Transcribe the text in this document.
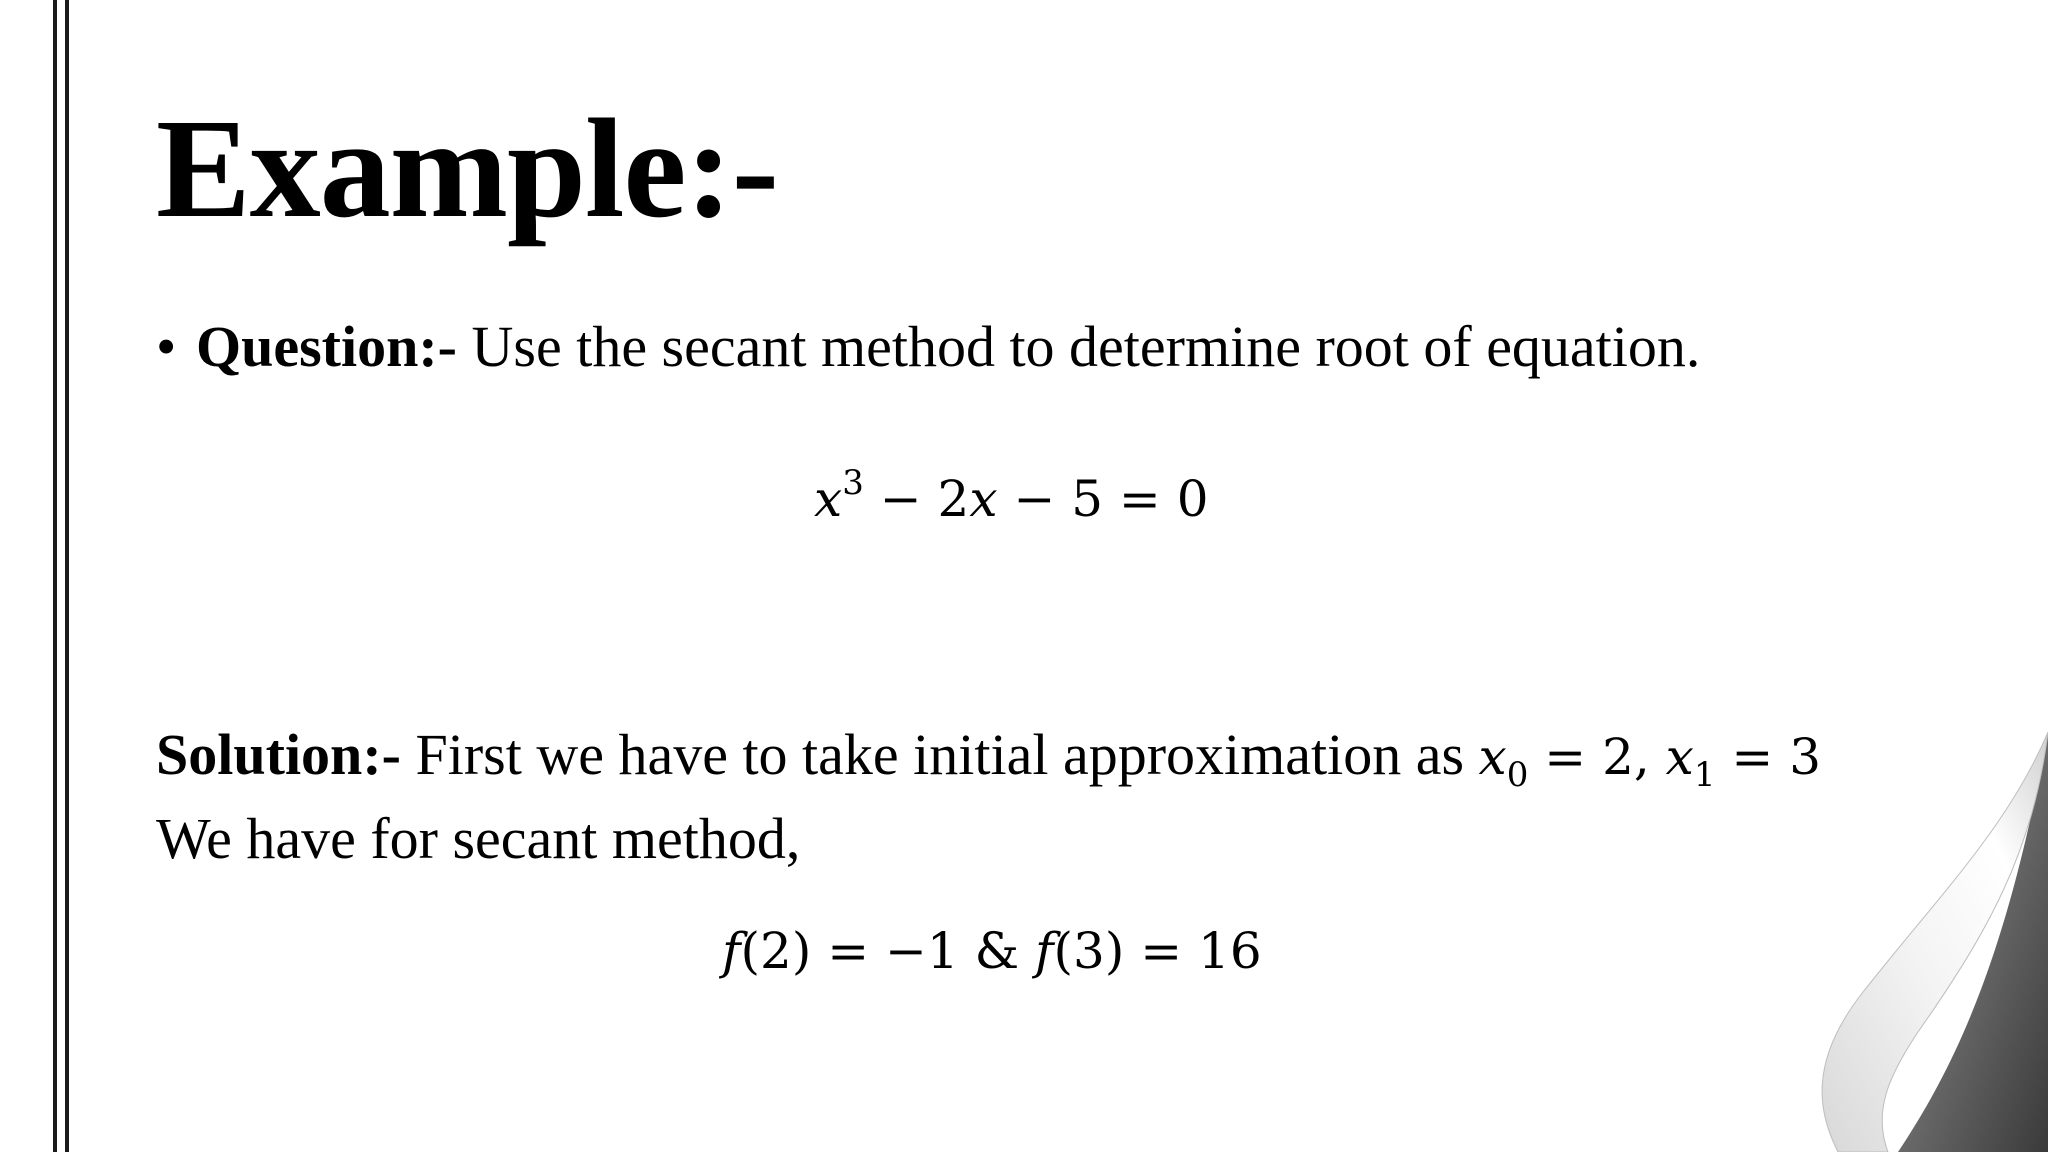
Example:-
• Question:- Use the secant method to determine root of equation.
$x^3 - 2x - 5 = 0$
Solution:- First we have to take initial approximation as $x_0 = 2$, $x_1 = 3$
We have for secant method,
f(2) = −1 & f(3) = 16
